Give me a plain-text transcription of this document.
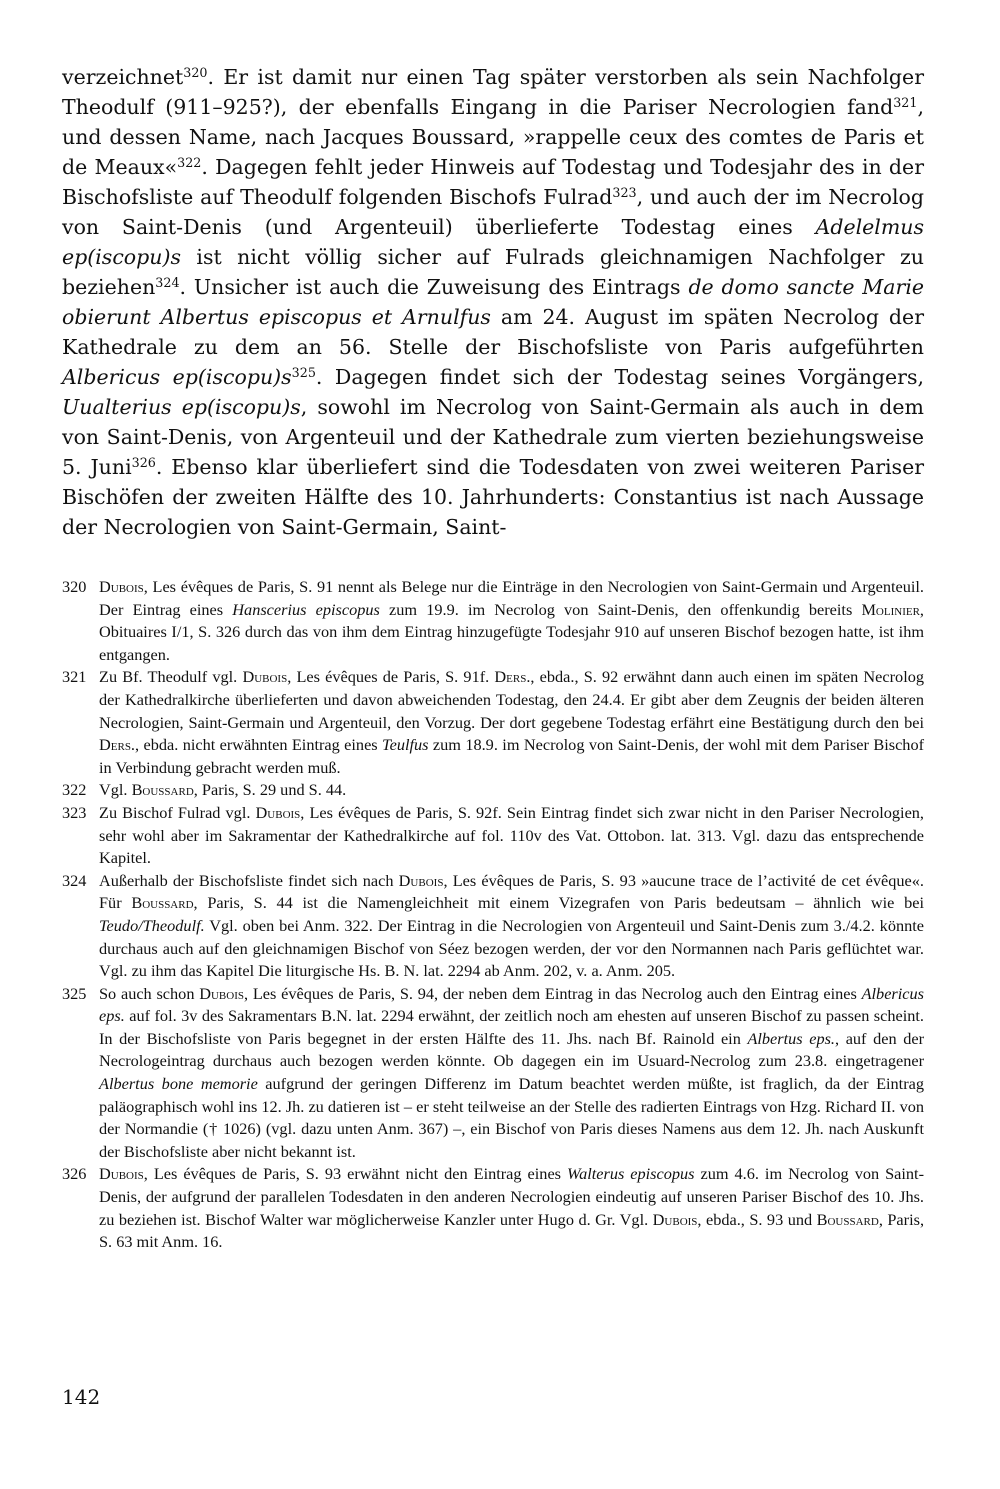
verzeichnet$^{320}$. Er ist damit nur einen Tag später verstorben als sein Nachfolger Theodulf (911–925?), der ebenfalls Eingang in die Pariser Necrologien fand$^{321}$, und dessen Name, nach Jacques Boussard, »rappelle ceux des comtes de Paris et de Meaux«$^{322}$. Dagegen fehlt jeder Hinweis auf Todestag und Todesjahr des in der Bischofsliste auf Theodulf folgenden Bischofs Fulrad$^{323}$, und auch der im Necrolog von Saint-Denis (und Argenteuil) überlieferte Todestag eines Adelelmus ep(iscopu)s ist nicht völlig sicher auf Fulrads gleichnamigen Nachfolger zu beziehen$^{324}$. Unsicher ist auch die Zuweisung des Eintrags de domo sancte Marie obierunt Albertus episcopus et Arnulfus am 24. August im späten Necrolog der Kathedrale zu dem an 56. Stelle der Bischofsliste von Paris aufgeführten Albericus $ep(iscopu)s^{325}$. Dagegen findet sich der Todestag seines Vorgängers, Uualterius ep(iscopu)s, sowohl im Necrolog von Saint-Germain als auch in dem von Saint-Denis, von Argenteuil und der Kathedrale zum vierten beziehungsweise 5. Juni$^{326}$. Ebenso klar überliefert sind die Todesdaten von zwei weiteren Pariser Bischöfen der zweiten Hälfte des 10. Jahrhunderts: Constantius ist nach Aussage der Necrologien von Saint-Germain, Saint-

320 Dubois, Les évêques de Paris, S. 91 nennt als Belege nur die Einträge in den Necrologien von Saint-Germain und Argenteuil. Der Eintrag eines Hanscerius episcopus zum 19.9. im Necrolog von Saint-Denis, den offenkundig bereits Molinier, Obituaires I/1, S. 326 durch das von ihm dem Eintrag hinzugefügte Todesjahr 910 auf unseren Bischof bezogen hatte, ist ihm entgangen.

321 Zu Bf. Theodulf vgl. Dubois, Les évêques de Paris, S. 91f. Ders., ebda., S. 92 erwähnt dann auch einen im späten Necrolog der Kathedralkirche überlieferten und davon abweichenden Todestag, den 24.4. Er gibt aber dem Zeugnis der beiden älteren Necrologien, Saint-Germain und Argenteuil, den Vorzug. Der dort gegebene Todestag erfährt eine Bestätigung durch den bei Ders., ebda. nicht erwähnten Eintrag eines Teulfus zum 18.9. im Necrolog von Saint-Denis, der wohl mit dem Pariser Bischof in Verbindung gebracht werden muß.

322 Vgl. Boussard, Paris, S. 29 und S. 44.

323 Zu Bischof Fulrad vgl. Dubois, Les évêques de Paris, S. 92f. Sein Eintrag findet sich zwar nicht in den Pariser Necrologien, sehr wohl aber im Sakramentar der Kathedralkirche auf fol. 110v des Vat. Ottobon. lat. 313. Vgl. dazu das entsprechende Kapitel.

324 Außerhalb der Bischofsliste findet sich nach Dubois, Les évêques de Paris, S. 93 »aucune trace de l’activité de cet évêque«. Für Boussard, Paris, S. 44 ist die Namengleichheit mit einem Vizegrafen von Paris bedeutsam – ähnlich wie bei Teudo/Theodulf. Vgl. oben bei Anm. 322. Der Eintrag in die Necrologien von Argenteuil und Saint-Denis zum 3./4.2. könnte durchaus auch auf den gleichnamigen Bischof von Séez bezogen werden, der vor den Normannen nach Paris geflüchtet war. Vgl. zu ihm das Kapitel Die liturgische Hs. B. N. lat. 2294 ab Anm. 202, v. a. Anm. 205.

325 So auch schon Dubois, Les évêques de Paris, S. 94, der neben dem Eintrag in das Necrolog auch den Eintrag eines Albericus eps. auf fol. 3v des Sakramentars B.N. lat. 2294 erwähnt, der zeitlich noch am ehesten auf unseren Bischof zu passen scheint. In der Bischofsliste von Paris begegnet in der ersten Hälfte des 11. Jhs. nach Bf. Rainold ein Albertus eps., auf den der Necrologeintrag durchaus auch bezogen werden könnte. Ob dagegen ein im Usuard-Necrolog zum 23.8. eingetragener Albertus bone memorie aufgrund der geringen Differenz im Datum beachtet werden müßte, ist fraglich, da der Eintrag paläographisch wohl ins 12. Jh. zu datieren ist – er steht teilweise an der Stelle des radierten Eintrags von Hzg. Richard II. von der Normandie († 1026) (vgl. dazu unten Anm. 367) –, ein Bischof von Paris dieses Namens aus dem 12. Jh. nach Auskunft der Bischofsliste aber nicht bekannt ist.

326 Dubois, Les évêques de Paris, S. 93 erwähnt nicht den Eintrag eines Walterus episcopus zum 4.6. im Necrolog von Saint-Denis, der aufgrund der parallelen Todesdaten in den anderen Necrologien eindeutig auf unseren Pariser Bischof des 10. Jhs. zu beziehen ist. Bischof Walter war möglicherweise Kanzler unter Hugo d. Gr. Vgl. Dubois, ebda., S. 93 und Boussard, Paris, S. 63 mit Anm. 16.

142
